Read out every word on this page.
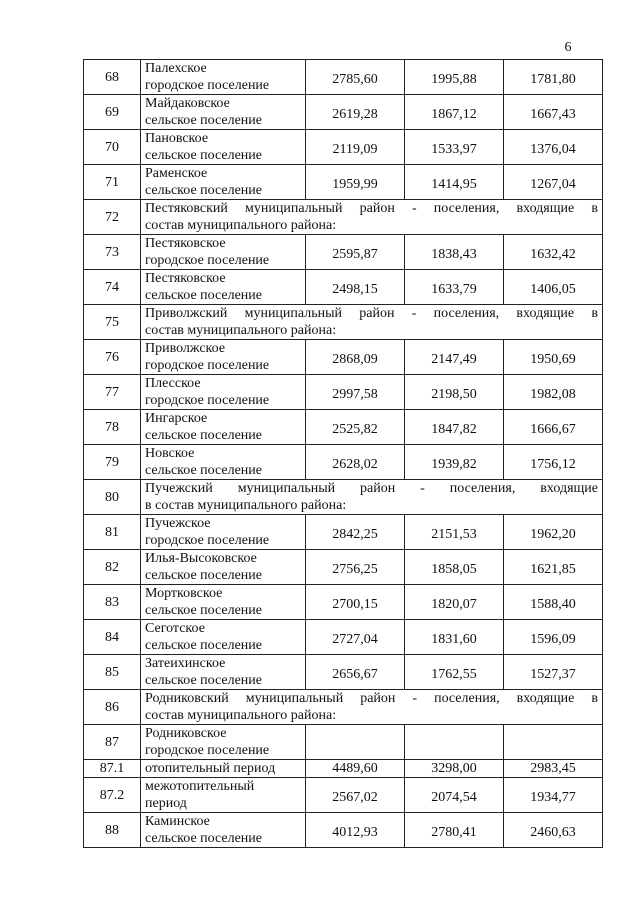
6
68	Палехское
городское поселение	2785,60	1995,88	1781,80
69	Майдаковское
сельское поселение	2619,28	1867,12	1667,43
70	Пановское
сельское поселение	2119,09	1533,97	1376,04
71	Раменское
сельское поселение	1959,99	1414,95	1267,04
72	Пестяковский муниципальный район - поселения, входящие в
состав муниципального района:			

73	Пестяковское
городское поселение	2595,87	1838,43	1632,42
74	Пестяковское
сельское поселение	2498,15	1633,79	1406,05
75	Приволжский муниципальный район - поселения, входящие в
состав муниципального района:			

76	Приволжское
городское поселение	2868,09	2147,49	1950,69
77	Плесское
городское поселение	2997,58	2198,50	1982,08
78	Ингарское
сельское поселение	2525,82	1847,82	1666,67
79	Новское
сельское поселение	2628,02	1939,82	1756,12
80	Пучежский муниципальный район - поселения, входящие
в состав муниципального района:			

81	Пучежское
городское поселение	2842,25	2151,53	1962,20
82	Илья-Высоковское
сельское поселение	2756,25	1858,05	1621,85
83	Мортковское
сельское поселение	2700,15	1820,07	1588,40
84	Сеготское
сельское поселение	2727,04	1831,60	1596,09
85	Затеихинское
сельское поселение	2656,67	1762,55	1527,37
86	Родниковский муниципальный район - поселения, входящие в
состав муниципального района:			

87	Родниковское
городское поселение			

87.1	отопительный период	4489,60	3298,00	2983,45
87.2	межотопительный
период	2567,02	2074,54	1934,77
88	Каминское
сельское поселение	4012,93	2780,41	2460,63
